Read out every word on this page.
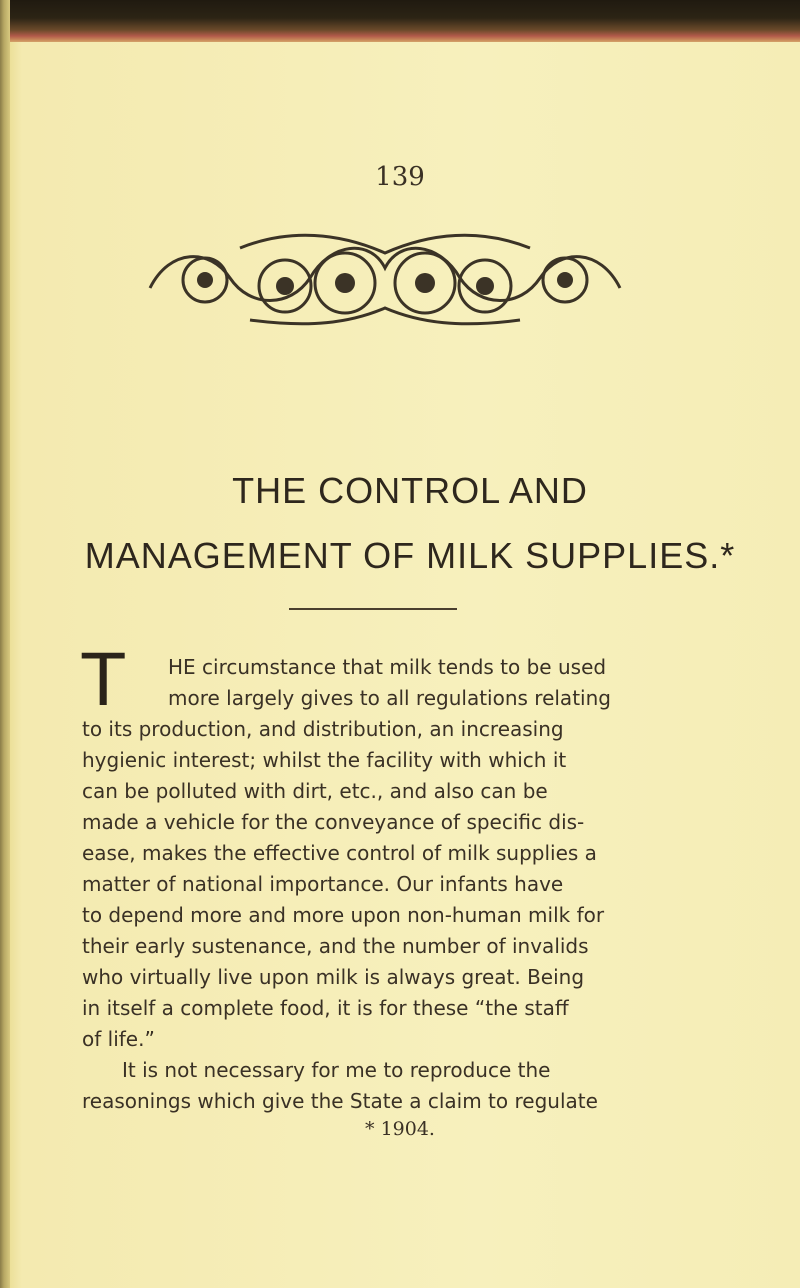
139
THE CONTROL AND
MANAGEMENT OF MILK SUPPLIES.*
T HE circumstance that milk tends to be used
more largely gives to all regulations relating
to its production, and distribution, an increasing
hygienic interest; whilst the facility with which it
can be polluted with dirt, etc., and also can be
made a vehicle for the conveyance of specific dis-
ease, makes the effective control of milk supplies a
matter of national importance. Our infants have
to depend more and more upon non-human milk for
their early sustenance, and the number of invalids
who virtually live upon milk is always great. Being
in itself a complete food, it is for these “the staff
of life.”
It is not necessary for me to reproduce the
reasonings which give the State a claim to regulate
* 1904.
